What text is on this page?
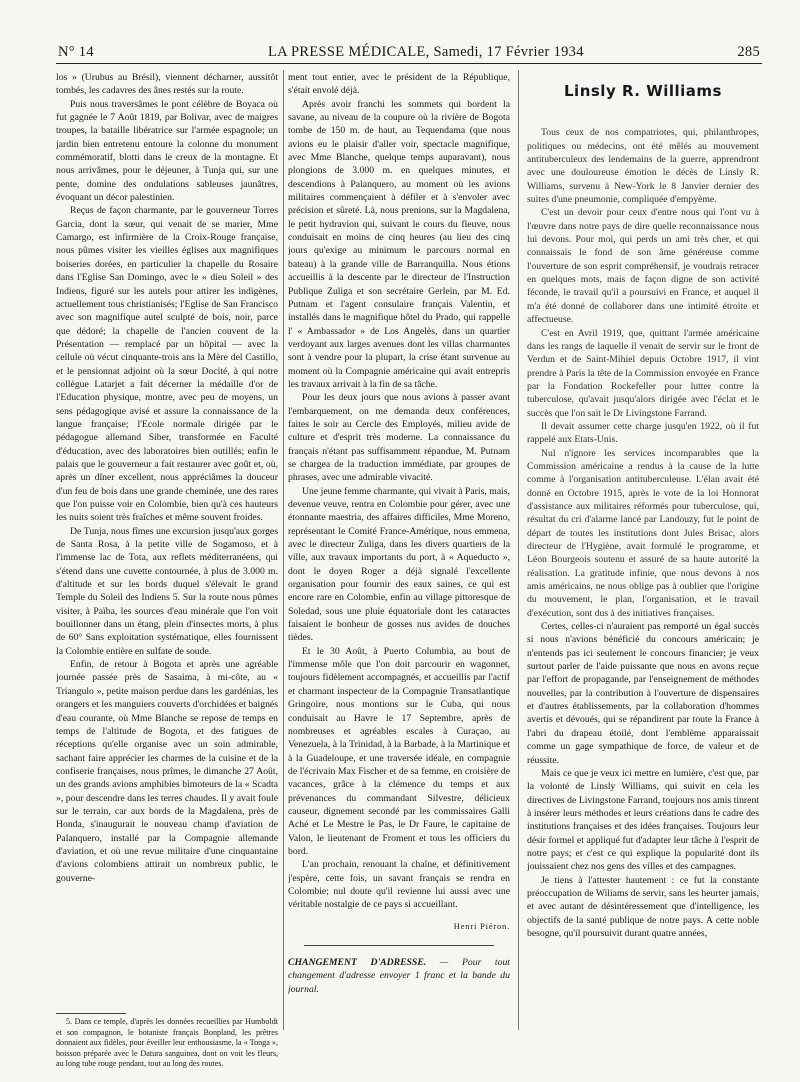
N° 14	LA PRESSE MÉDICALE, Samedi, 17 Février 1934	285

los » (Urubus au Brésil), viennent décharner, aussitôt tombés, les cadavres des ânes restés sur la route.

Puis nous traversâmes le pont célèbre de Boyaca où fut gagnée le 7 Août 1819, par Bolivar, avec de maigres troupes, la bataille libératrice sur l'armée espagnole; un jardin bien entretenu entoure la colonne du monument commémoratif, blotti dans le creux de la montagne. Et nous arrivâmes, pour le déjeuner, à Tunja qui, sur une pente, domine des ondulations sableuses jaunâtres, évoquant un décor palestinien.

Reçus de façon charmante, par le gouverneur Torres Garcia, dont la sœur, qui venait de se marier, Mme Camargo, est infirmière de la Croix-Rouge française, nous pûmes visiter les vieilles églises aux magnifiques boiseries dorées, en particulier la chapelle du Rosaire dans l'Eglise San Domingo, avec le « dieu Soleil » des Indiens, figuré sur les autels pour attirer les indigènes, actuellement tous christianisés; l'Eglise de San Francisco avec son magnifique autel sculpté de bois, noir, parce que dédoré; la chapelle de l'ancien couvent de la Présentation — remplacé par un hôpital — avec la cellule où vécut cinquante-trois ans la Mère del Castillo, et le pensionnat adjoint où la sœur Docité, à qui notre collègue Latarjet a fait décerner la médaille d'or de l'Education physique, montre, avec peu de moyens, un sens pédagogique avisé et assure la connaissance de la langue française; l'Ecole normale dirigée par le pédagogue allemand Siber, transformée en Faculté d'éducation, avec des laboratoires bien outillés; enfin le palais que le gouverneur a fait restaurer avec goût et, où, après un dîner excellent, nous appréciâmes la douceur d'un feu de bois dans une grande cheminée, une des rares que l'on puisse voir en Colombie, bien qu'à ces hauteurs les nuits soient très fraîches et même souvent froides.

De Tunja, nous fîmes une excursion jusqu'aux gorges de Santa Rosa, à la petite ville de Sogamoso, et à l'immense lac de Tota, aux reflets méditerranéens, qui s'étend dans une cuvette contournée, à plus de 3.000 m. d'altitude et sur les bords duquel s'élevait le grand Temple du Soleil des Indiens 5. Sur la route nous pûmes visiter, à Païba, les sources d'eau minérale que l'on voit bouillonner dans un étang, plein d'insectes morts, à plus de 60° Sans exploitation systématique, elles fournissent la Colombie entière en sulfate de soude.

Enfin, de retour à Bogota et après une agréable journée passée près de Sasaima, à mi-côte, au « Triangulo », petite maison perdue dans les gardénias, les orangers et les manguiers couverts d'orchidées et baignés d'eau courante, où Mme Blanche se repose de temps en temps de l'altitude de Bogota, et des fatigues de réceptions qu'elle organise avec un soin admirable, sachant faire apprécier les charmes de la cuisine et de la confiserie françaises, nous prîmes, le dimanche 27 Août, un des grands avions amphibies bimoteurs de la « Scadta », pour descendre dans les terres chaudes. Il y avait foule sur le terrain, car aux bords de la Magdalena, près de Honda, s'inaugurait le nouveau champ d'aviation de Palanquero, installé par la Compagnie allemande d'aviation, et où une revue militaire d'une cinquantaine d'avions colombiens attirait un nombreux public, le gouverne-

5. Dans ce temple, d'après les données recueillies par Humboldt et son compagnon, le botaniste français Bonpland, les prêtres donnaient aux fidèles, pour éveiller leur enthousiasme, la « Tonga », boisson préparée avec le Datura sanguinea, dont on voit les fleurs, au long tube rouge pendant, tout au long des routes.

ment tout entier, avec le président de la République, s'était envolé déjà.

Après avoir franchi les sommets qui bordent la savane, au niveau de la coupure où la rivière de Bogota tombe de 150 m. de haut, au Tequendama (que nous avions eu le plaisir d'aller voir, spectacle magnifique, avec Mme Blanche, quelque temps auparavant), nous plongions de 3.000 m. en quelques minutes, et descendions à Palanquero, au moment où les avions militaires commençaient à défiler et à s'envoler avec précision et sûreté. Là, nous prenions, sur la Magdalena, le petit hydravion qui, suivant le cours du fleuve, nous conduisait en moins de cinq heures (au lieu des cinq jours qu'exige au minimum le parcours normal en bateau) à la grande ville de Barranquilla. Nous étions accueillis à la descente par le directeur de l'Instruction Publique Zuliga et son secrétaire Gerlein, par M. Ed. Putnam et l'agent consulaire français Valentin, et installés dans le magnifique hôtel du Prado, qui rappelle l' « Ambassador » de Los Angelès, dans un quartier verdoyant aux larges avenues dont les villas charmantes sont à vendre pour la plupart, la crise étant survenue au moment où la Compagnie américaine qui avait entrepris les travaux arrivait à la fin de sa tâche.

Pour les deux jours que nous avions à passer avant l'embarquement, on me demanda deux conférences, faites le soir au Cercle des Employés, milieu avide de culture et d'esprit très moderne. La connaissance du français n'étant pas suffisamment répandue, M. Putnam se chargea de la traduction immédiate, par groupes de phrases, avec une admirable vivacité.

Une jeune femme charmante, qui vivait à Paris, mais, devenue veuve, rentra en Colombie pour gérer, avec une étonnante maestria, des affaires difficiles, Mme Moreno, représentant le Comité France-Amérique, nous emmena, avec le directeur Zuliga, dans les divers quartiers de la ville, aux travaux importants du port, à « Aqueducto », dont le doyen Roger a déjà signalé l'excellente organisation pour fournir des eaux saines, ce qui est encore rare en Colombie, enfin au village pittoresque de Soledad, sous une pluie équatoriale dont les cataractes faisaient le bonheur de gosses nus avides de douches tièdes.

Et le 30 Août, à Puerto Columbia, au bout de l'immense môle que l'on doit parcourir en wagonnet, toujours fidèlement accompagnés, et accueillis par l'actif et charmant inspecteur de la Compagnie Transatlantique Gringoire, nous montions sur le Cuba, qui nous conduisait au Havre le 17 Septembre, après de nombreuses et agréables escales à Curaçao, au Venezuela, à la Trinidad, à la Barbade, à la Martinique et à la Guadeloupe, et une traversée idéale, en compagnie de l'écrivain Max Fischer et de sa femme, en croisière de vacances, grâce à la clémence du temps et aux prévenances du commandant Silvestre, délicieux causeur, dignement secondé par les commissaires Galli Aché et Le Mestre le Pas, le Dr Faure, le capitaine de Valon, le lieutenant de Froment et tous les officiers du bord.

L'an prochain, renouant la chaîne, et définitivement j'espère, cette fois, un savant français se rendra en Colombie; nul doute qu'il revienne lui aussi avec une véritable nostalgie de ce pays si accueillant.

Henri Piéron.

CHANGEMENT D'ADRESSE. — Pour tout changement d'adresse envoyer 1 franc et la bande du journal.

Linsly R. Williams

Tous ceux de nos compatriotes, qui, philanthropes, politiques ou médecins, ont été mêlés au mouvement antituberculeux des lendemains de la guerre, apprendront avec une douloureuse émotion le décès de Linsly R. Williams, survenu à New-York le 8 Janvier dernier des suites d'une pneumonie, compliquée d'empyème.

C'est un devoir pour ceux d'entre nous qui l'ont vu à l'œuvre dans notre pays de dire quelle reconnaissance nous lui devons. Pour moi, qui perds un ami très cher, et qui connaissais le fond de son âme généreuse comme l'ouverture de son esprit compréhensif, je voudrais retracer en quelques mots, mais de façon digne de son activité féconde, le travail qu'il a poursuivi en France, et auquel il m'a été donné de collaborer dans une intimité étroite et affectueuse.

C'est en Avril 1919, que, quittant l'armée américaine dans les rangs de laquelle il venait de servir sur le front de Verdun et de Saint-Mihiel depuis Octobre 1917, il vint prendre à Paris la tête de la Commission envoyée en France par la Fondation Rockefeller pour lutter contre la tuberculose, qu'avait jusqu'alors dirigée avec l'éclat et le succès que l'on sait le Dr Livingstone Farrand.

Il devait assumer cette charge jusqu'en 1922, où il fut rappelé aux Etats-Unis.

Nul n'ignore les services incomparables que la Commission américaine a rendus à la cause de la lutte comme à l'organisation antituberculeuse. L'élan avait été donné en Octobre 1915, après le vote de la loi Honnorat d'assistance aux militaires réformés pour tuberculose, qui, résultat du cri d'alarme lancé par Landouzy, fut le point de départ de toutes les institutions dont Jules Brisac, alors directeur de l'Hygiène, avait formulé le programme, et Léon Bourgeois soutenu et assuré de sa haute autorité la réalisation. La gratitude infinie, que nous devons à nos amis américains, ne nous oblige pas à oublier que l'origine du mouvement, le plan, l'organisation, et le travail d'exécution, sont dus à des initiatives françaises.

Certes, celles-ci n'auraient pas remporté un égal succès si nous n'avions bénéficié du concours américain; je n'entends pas ici seulement le concours financier; je veux surtout parler de l'aide puissante que nous en avons reçue par l'effort de propagande, par l'enseignement de méthodes nouvelles, par la contribution à l'ouverture de dispensaires et d'autres établissements, par la collaboration d'hommes avertis et dévoués, qui se répandirent par toute la France à l'abri du drapeau étoilé, dont l'emblème apparaissait comme un gage sympathique de force, de valeur et de réussite.

Mais ce que je veux ici mettre en lumière, c'est que, par la volonté de Linsly Williams, qui suivit en cela les directives de Livingstone Farrand, toujours nos amis tinrent à insérer leurs méthodes et leurs créations dans le cadre des institutions françaises et des idées françaises. Toujours leur désir formel et appliqué fut d'adapter leur tâche à l'esprit de notre pays; et c'est ce qui explique la popularité dont ils jouissaient chez nos gens des villes et des campagnes.

Je tiens à l'attester hautement : ce fut la constante préoccupation de Wiliams de servir, sans les heurter jamais, et avec autant de désintéressement que d'intelligence, les objectifs de la santé publique de notre pays. A cette noble besogne, qu'il poursuivit durant quatre années,
